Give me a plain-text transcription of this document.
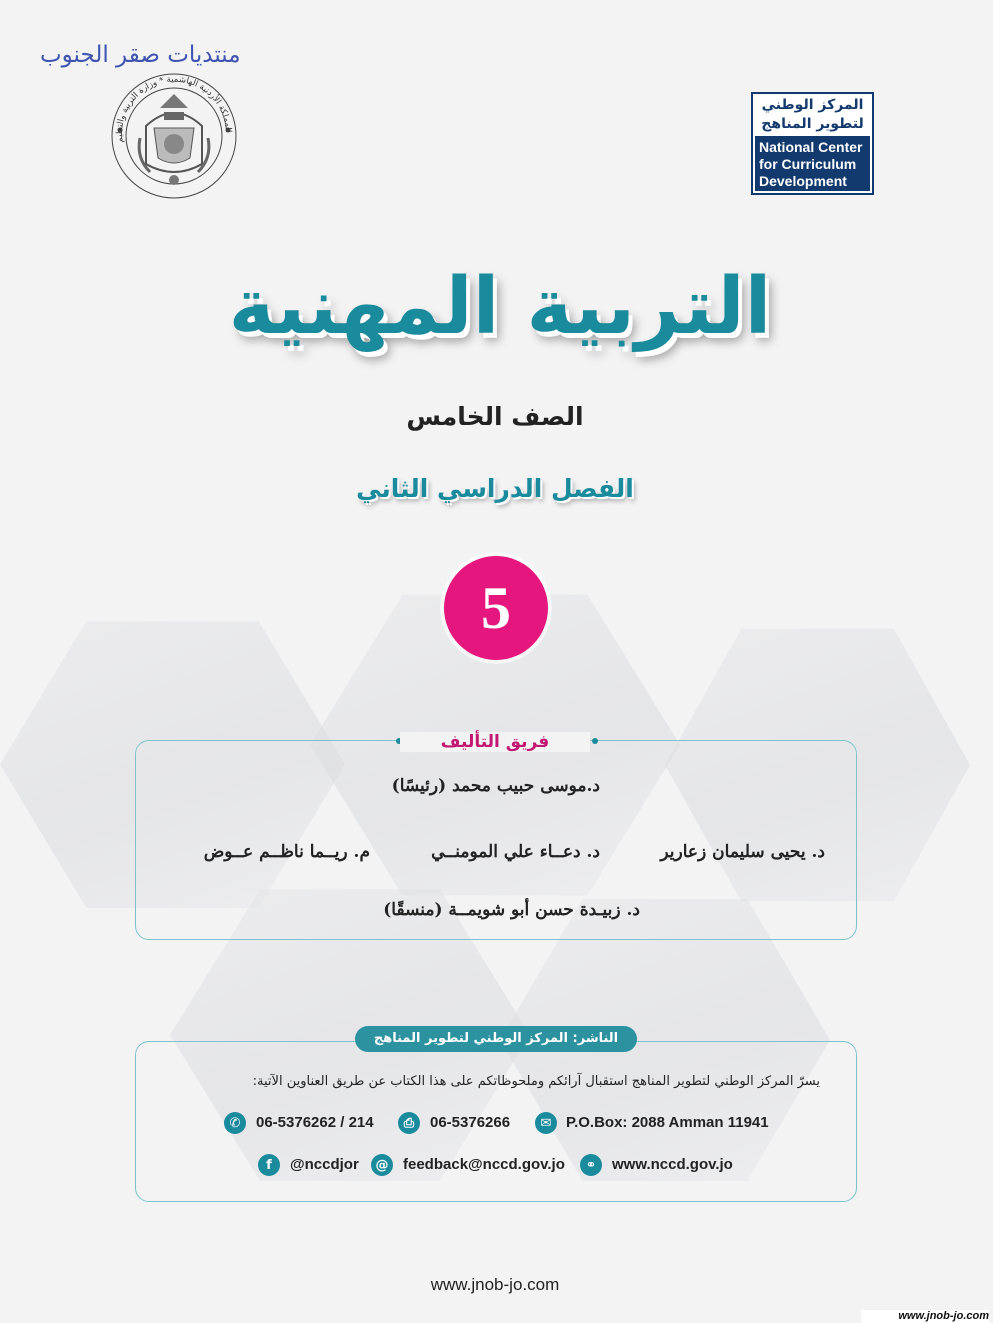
منتديات صقر الجنوب
المملكة الأردنية الهاشمية * وزارة التربية والتعليم
المركز الوطني
لتطوير المناهج
National Center
for Curriculum
Development
التربية المهنية
الصف الخامس
الفصل الدراسي الثاني
5
فريق التأليف
د.موسى حبيب محمد (رئيسًا)
د. يحيى سليمان زعارير
د. دعــاء علي المومنــي
م. ريــما ناظــم عــوض
د. زبيـدة حسن أبو شويمــة (منسقًا)
الناشر: المركز الوطني لتطوير المناهج
يسرّ المركز الوطني لتطوير المناهج استقبال آرائكم وملحوظاتكم على هذا الكتاب عن طريق العناوين الآتية:
✉ P.O.Box: 2088 Amman 11941
⎙	06-5376266
✆	06-5376262 / 214
⚭	www.nccd.gov.jo
@ feedback@nccd.gov.jo
f	@nccdjor
www.jnob-jo.com
www.jnob-jo.com
